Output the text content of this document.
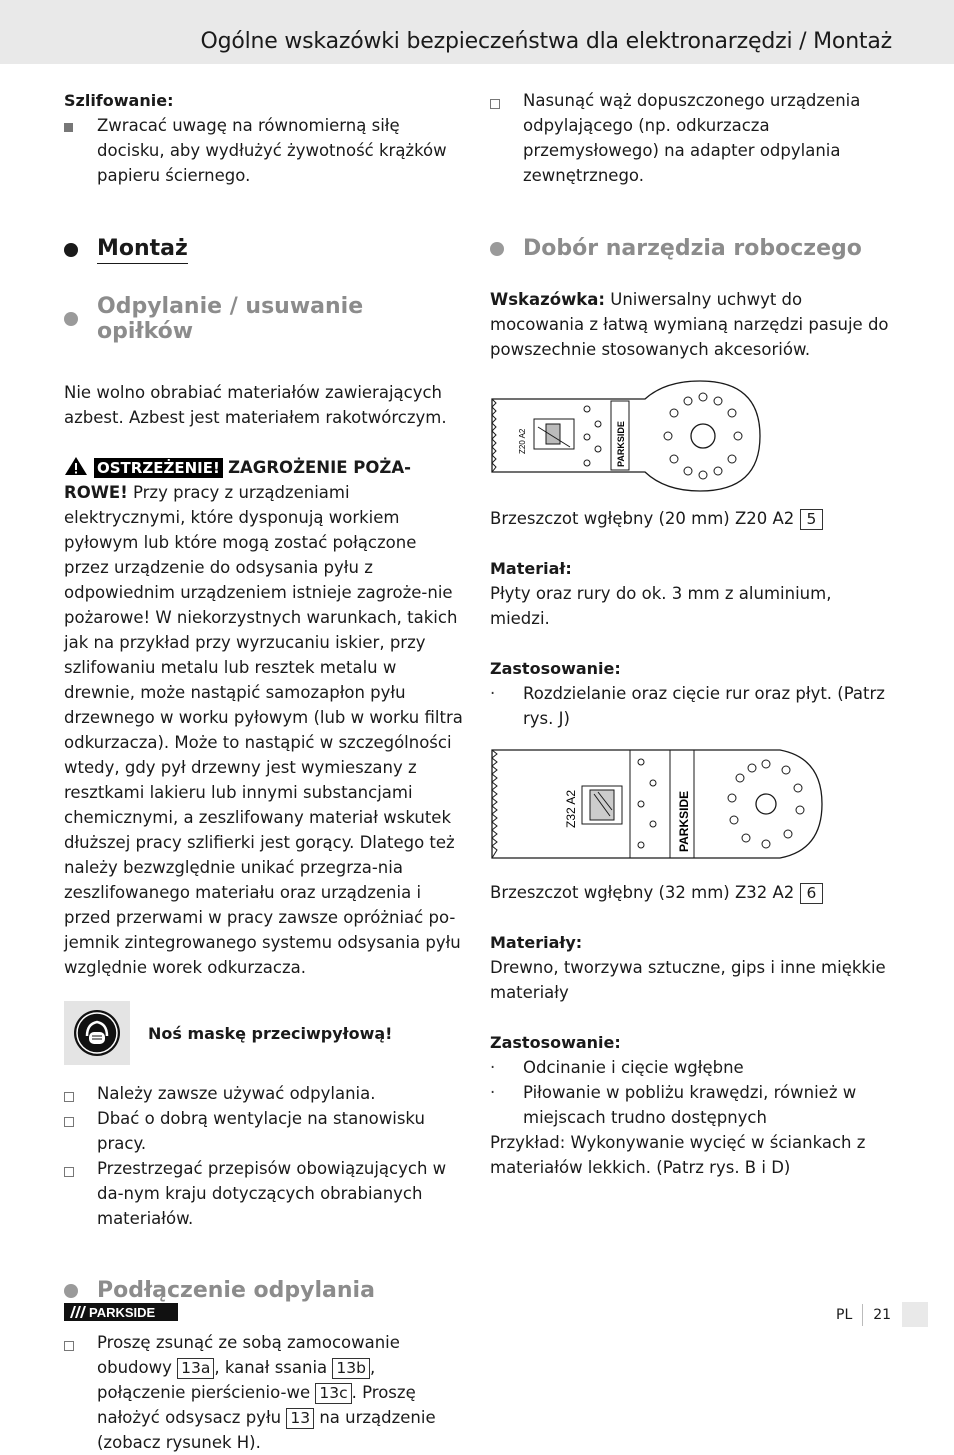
Ogólne wskazówki bezpieczeństwa dla elektronarzędzi / Montaż
Szlifowanie:
Zwracać uwagę na równomierną siłę docisku, aby wydłużyć żywotność krążków papieru ściernego.
Montaż
Odpylanie / usuwanie opiłków

Nie wolno obrabiać materiałów zawierających azbest. Azbest jest materiałem rakotwórczym.

OSTRZEŻENIE! ZAGROŻENIE POŻA-ROWE! Przy pracy z urządzeniami elektrycznymi, które dysponują workiem pyłowym lub które mogą zostać połączone przez urządzenie do odsysania pyłu z odpowiednim urządzeniem istnieje zagroże-nie pożarowe! W niekorzystnych warunkach, takich jak na przykład przy wyrzucaniu iskier, przy szlifowaniu metalu lub resztek metalu w drewnie, może nastąpić samozapłon pyłu drzewnego w worku pyłowym (lub w worku filtra odkurzacza). Może to nastąpić w szczególności wtedy, gdy pył drzewny jest wymieszany z resztkami lakieru lub innymi substancjami chemicznymi, a zeszlifowany materiał wskutek dłuższej pracy szlifierki jest gorący. Dlatego też należy bezwzględnie unikać przegrza-nia zeszlifowanego materiału oraz urządzenia i przed przerwami w pracy zawsze opróżniać po-jemnik zintegrowanego systemu odsysania pyłu względnie worek odkurzacza.

Noś maskę przeciwpyłową!
Należy zawsze używać odpylania.
Dbać o dobrą wentylacje na stanowisku pracy.
Przestrzegać przepisów obowiązujących w da-nym kraju dotyczących obrabianych materiałów.
Podłączenie odpylania
Proszę zsunąć ze sobą zamocowanie obudowy 13a , kanał ssania 13b , połączenie pierścienio-we 13c . Proszę nałożyć odsysacz pyłu 13 na urządzenie (zobacz rysunek H).
Nasunąć wąż dopuszczonego urządzenia odpylającego (np. odkurzacza przemysłowego) na adapter odpylania zewnętrznego.
Dobór narzędzia roboczego

Wskazówka: Uniwersalny uchwyt do mocowania z łatwą wymianą narzędzi pasuje do powszechnie stosowanych akcesoriów.

Z20 A2	PARKSIDE

Brzeszczot wgłębny (20 mm) Z20 A2 5

Materiał:

Płyty oraz rury do ok. 3 mm z aluminium, miedzi.

Zastosowanie:
· Rozdzielanie oraz cięcie rur oraz płyt. (Patrz rys. J)
Z32 A2	PARKSIDE

Brzeszczot wgłębny (32 mm) Z32 A2 6

Materiały:

Drewno, tworzywa sztuczne, gips i inne miękkie materiały

Zastosowanie:
· Odcinanie i cięcie wgłębne
· Piłowanie w pobliżu krawędzi, również w miejscach trudno dostępnych

Przykład: Wykonywanie wycięć w ściankach z materiałów lekkich. (Patrz rys. B i D)

PARKSIDE	PL 21
